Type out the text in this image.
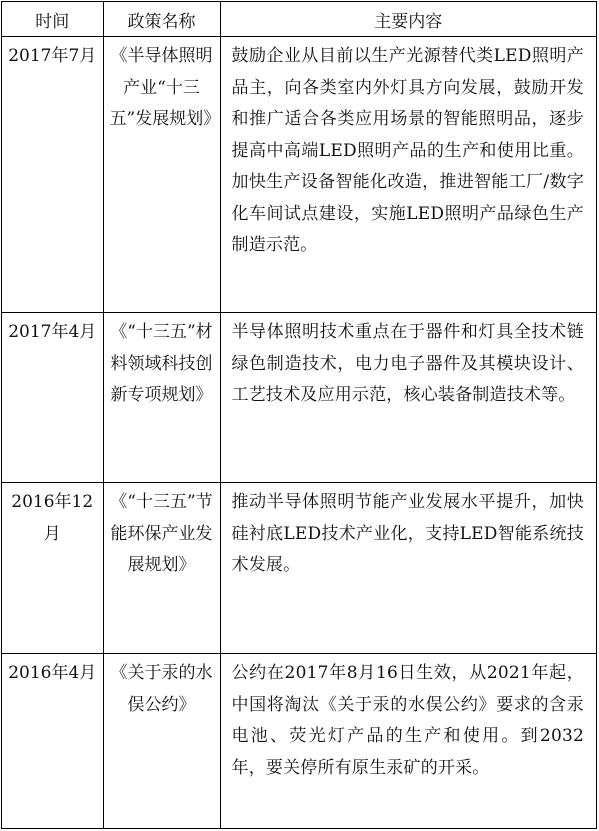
时间	政策名称	主要内容

2017年7月	《半导体照明产业“十三五”发展规划》	鼓励企业从目前以生产光源替代类LED照明产品主，向各类室内外灯具方向发展，鼓励开发和推广适合各类应用场景的智能照明品，逐步提高中高端LED照明产品的生产和使用比重。加快生产设备智能化改造，推进智能工厂/数字化车间试点建设，实施LED照明产品绿色生产制造示范。

2017年4月	《“十三五”材料领域科技创新专项规划》	半导体照明技术重点在于器件和灯具全技术链绿色制造技术，电力电子器件及其模块设计、工艺技术及应用示范，核心装备制造技术等。

2016年12月	《“十三五”节能环保产业发展规划》	推动半导体照明节能产业发展水平提升，加快硅衬底LED技术产业化，支持LED智能系统技术发展。

2016年4月	《关于汞的水俣公约》	公约在2017年8月16日生效，从2021年起，中国将淘汰《关于汞的水俣公约》要求的含汞电池、荧光灯产品的生产和使用。到2032年，要关停所有原生汞矿的开采。
